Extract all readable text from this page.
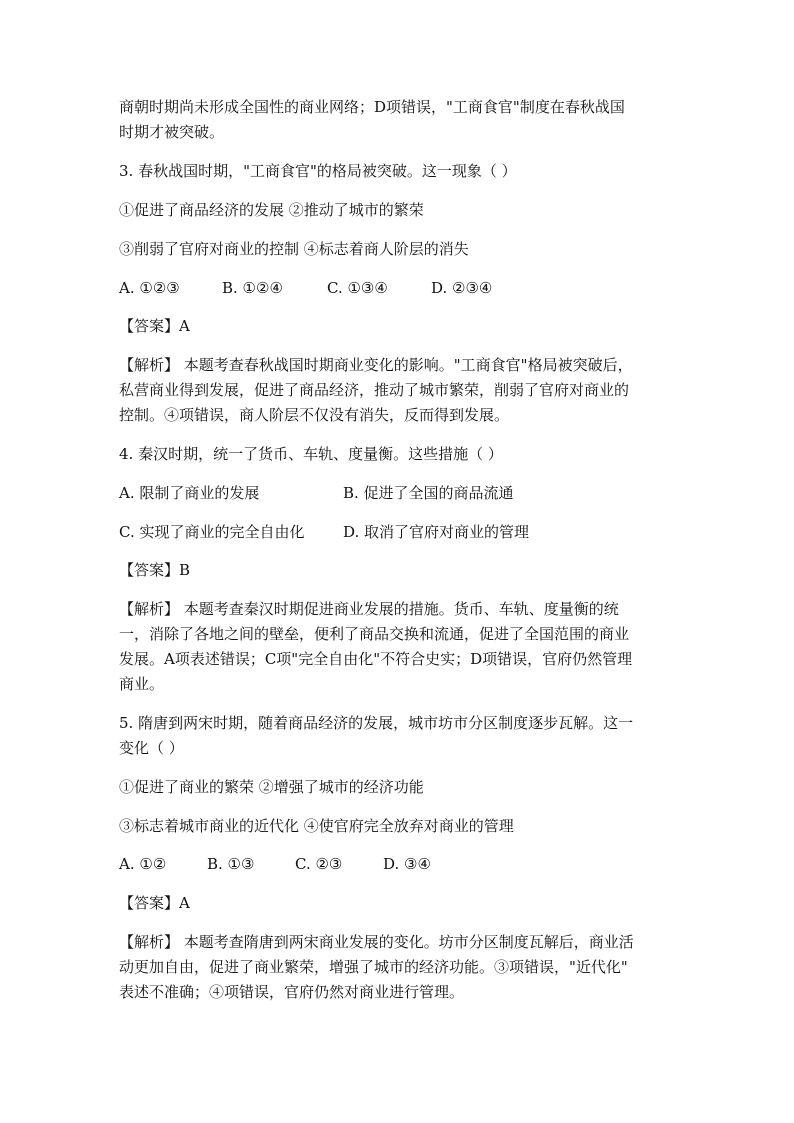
商朝时期尚未形成全国性的商业网络；D项错误，"工商食官"制度在春秋战国
时期才被突破。
3. 春秋战国时期，"工商食官"的格局被突破。这一现象（ ）
①促进了商品经济的发展 ②推动了城市的繁荣
③削弱了官府对商业的控制 ④标志着商人阶层的消失
A. ①②③	B. ①②④	C. ①③④	D. ②③④
【答案】A
【解析】 本题考查春秋战国时期商业变化的影响。"工商食官"格局被突破后，
私营商业得到发展，促进了商品经济，推动了城市繁荣，削弱了官府对商业的
控制。④项错误，商人阶层不仅没有消失，反而得到发展。
4. 秦汉时期，统一了货币、车轨、度量衡。这些措施（ ）
A. 限制了商业的发展	B. 促进了全国的商品流通
C. 实现了商业的完全自由化	D. 取消了官府对商业的管理
【答案】B
【解析】 本题考查秦汉时期促进商业发展的措施。货币、车轨、度量衡的统
一，消除了各地之间的壁垒，便利了商品交换和流通，促进了全国范围的商业
发展。A项表述错误；C项"完全自由化"不符合史实；D项错误，官府仍然管理
商业。
5. 隋唐到两宋时期，随着商品经济的发展，城市坊市分区制度逐步瓦解。这一
变化（ ）
①促进了商业的繁荣 ②增强了城市的经济功能
③标志着城市商业的近代化 ④使官府完全放弃对商业的管理
A. ①②	B. ①③	C. ②③	D. ③④
【答案】A
【解析】 本题考查隋唐到两宋商业发展的变化。坊市分区制度瓦解后，商业活
动更加自由，促进了商业繁荣，增强了城市的经济功能。③项错误，"近代化"
表述不准确；④项错误，官府仍然对商业进行管理。
